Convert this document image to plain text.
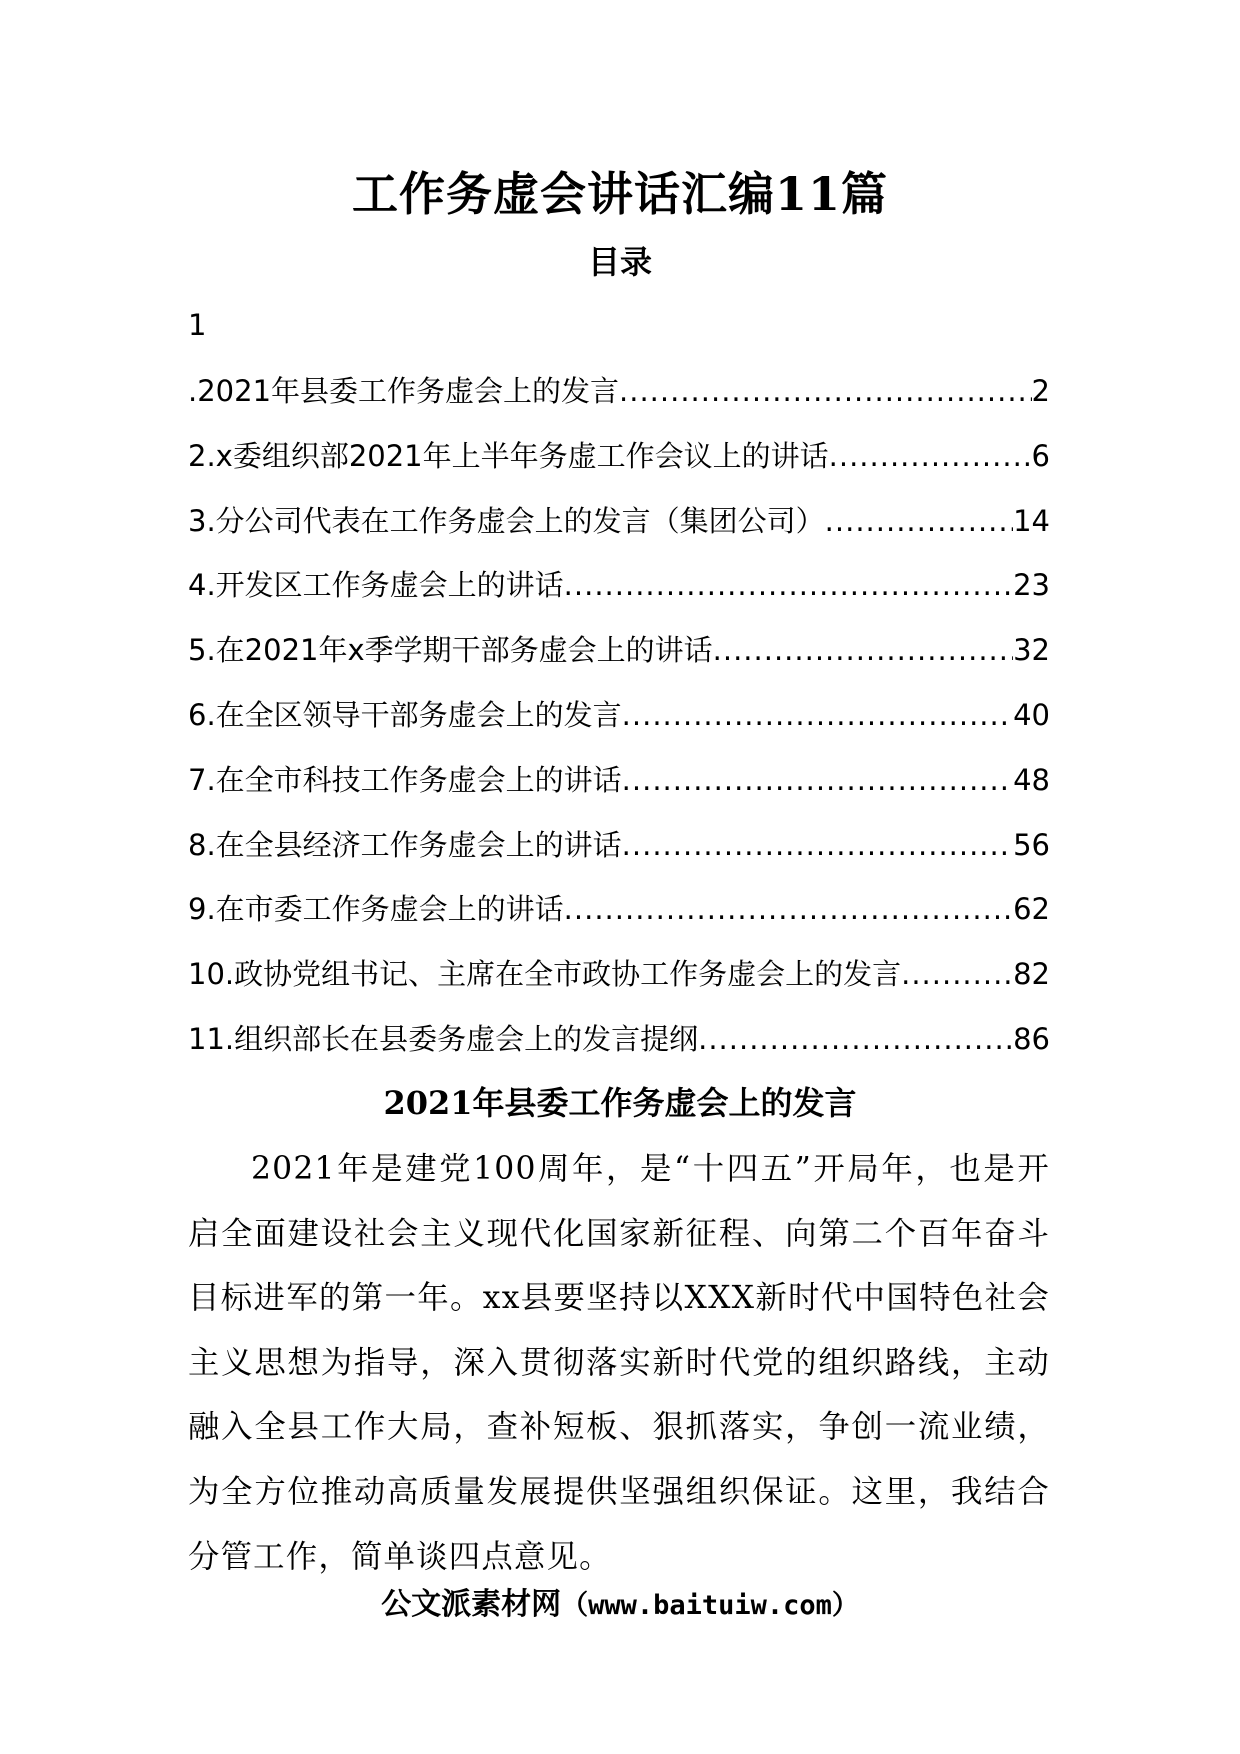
工作务虚会讲话汇编11篇
目录
1
.2021年县委工作务虚会上的发言 .....	2
2.x委组织部2021年上半年务虚工作会议上的讲话 .....	6
3.分公司代表在工作务虚会上的发言（集团公司） .....	14
4.开发区工作务虚会上的讲话 .....	23
5.在2021年x季学期干部务虚会上的讲话 .....	32
6.在全区领导干部务虚会上的发言 .....	40
7.在全市科技工作务虚会上的讲话 .....	48
8.在全县经济工作务虚会上的讲话 .....	56
9.在市委工作务虚会上的讲话 .....	62
10.政协党组书记、主席在全市政协工作务虚会上的发言 .....	82
11.组织部长在县委务虚会上的发言提纲 .....	86
2021年县委工作务虚会上的发言

2021年是建党100周年，是“十四五”开局年，也是开启全面建设社会主义现代化国家新征程、向第二个百年奋斗目标进军的第一年。xx县要坚持以XXX新时代中国特色社会主义思想为指导，深入贯彻落实新时代党的组织路线，主动融入全县工作大局，查补短板、狠抓落实，争创一流业绩，为全方位推动高质量发展提供坚强组织保证。这里，我结合分管工作，简单谈四点意见。

公文派素材网（www.baituiw.com）
